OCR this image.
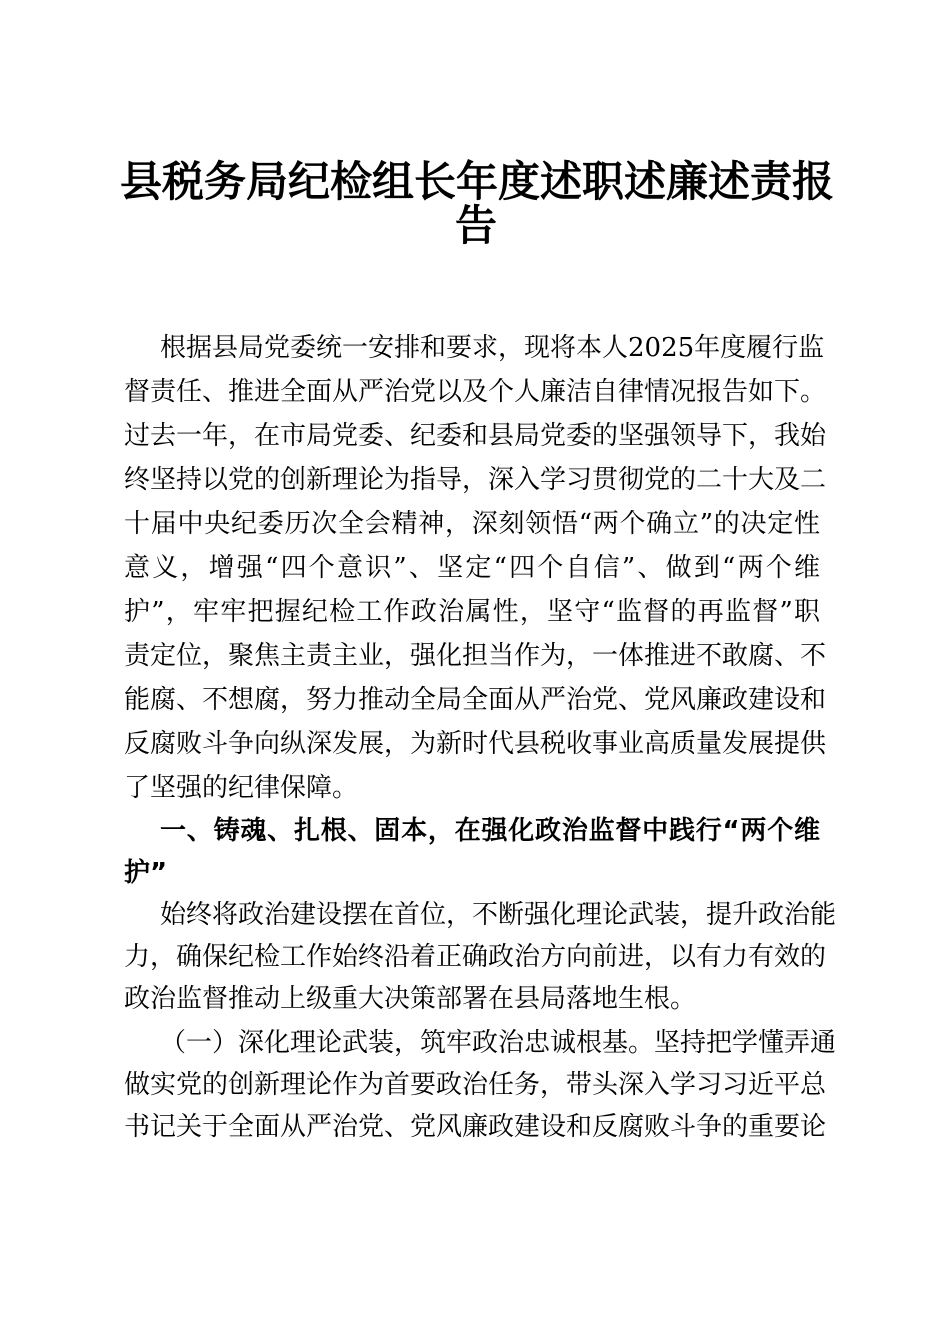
县税务局纪检组长年度述职述廉述责报
告
根据县局党委统一安排和要求，现将本人2025年度履行监
督责任、推进全面从严治党以及个人廉洁自律情况报告如下。
过去一年，在市局党委、纪委和县局党委的坚强领导下，我始
终坚持以党的创新理论为指导，深入学习贯彻党的二十大及二
十届中央纪委历次全会精神，深刻领悟“两个确立”的决定性
意义，增强“四个意识”、坚定“四个自信”、做到“两个维
护”，牢牢把握纪检工作政治属性，坚守“监督的再监督”职
责定位，聚焦主责主业，强化担当作为，一体推进不敢腐、不
能腐、不想腐，努力推动全局全面从严治党、党风廉政建设和
反腐败斗争向纵深发展，为新时代县税收事业高质量发展提供
了坚强的纪律保障。
一、铸魂、扎根、固本，在强化政治监督中践行“两个维
护”
始终将政治建设摆在首位，不断强化理论武装，提升政治能
力，确保纪检工作始终沿着正确政治方向前进，以有力有效的
政治监督推动上级重大决策部署在县局落地生根。
（一）深化理论武装，筑牢政治忠诚根基。坚持把学懂弄通
做实党的创新理论作为首要政治任务，带头深入学习习近平总
书记关于全面从严治党、党风廉政建设和反腐败斗争的重要论
